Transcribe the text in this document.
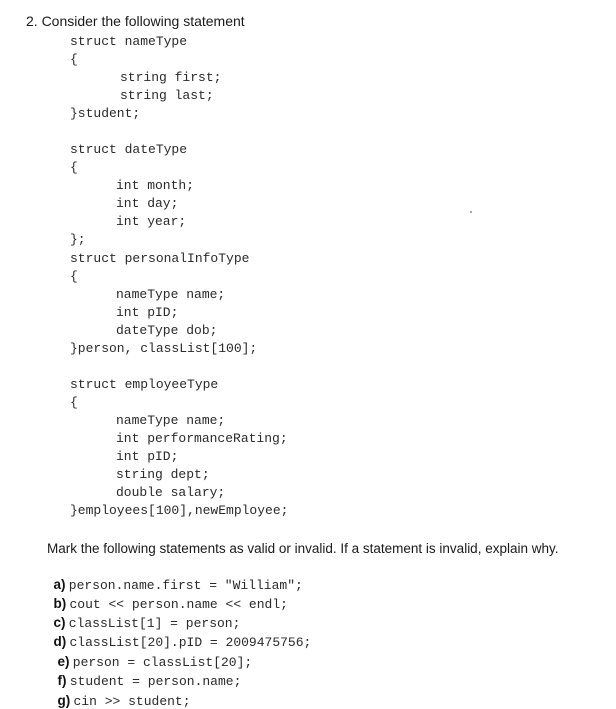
2. Consider the following statement
struct nameType
{
string first;
string last;
}student;
struct dateType
{
int month;
int day;
int year;
};
struct personalInfoType
{
nameType name;
int pID;
dateType dob;
}person, classList[100];
struct employeeType
{
nameType name;
int performanceRating;
int pID;
string dept;
double salary;
}employees[100],newEmployee;
Mark the following statements as valid or invalid. If a statement is invalid, explain why.

a) person.name.first = "William";

b) cout << person.name << endl;

c) classList[1] = person;

d) classList[20].pID = 2009475756;

e) person = classList[20];

f) student = person.name;

g) cin >> student;
